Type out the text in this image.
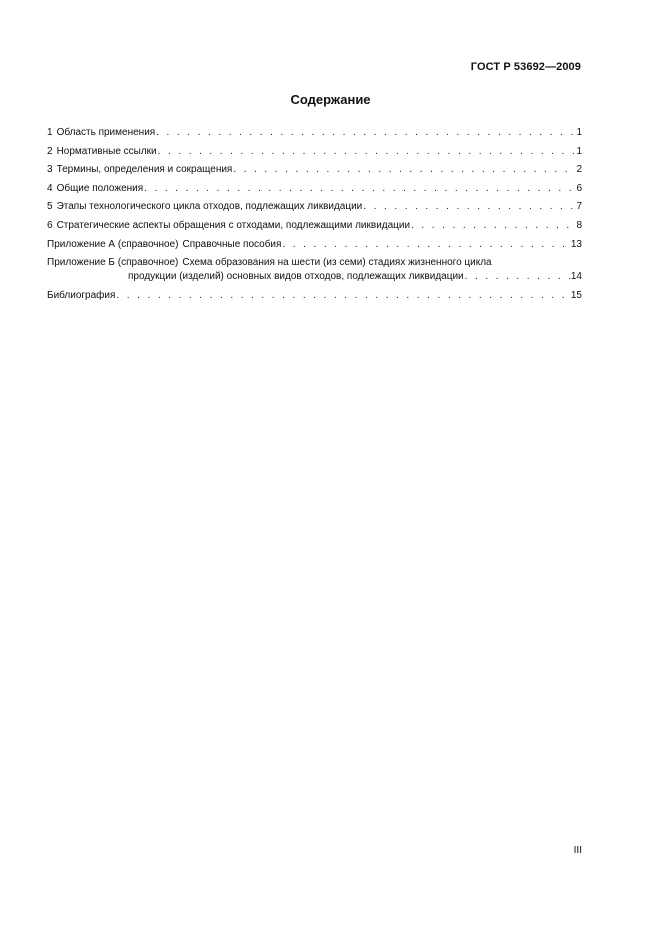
ГОСТ Р 53692—2009
Содержание
1 Область применения . . .	1
2 Нормативные ссылки . . .	1
3 Термины, определения и сокращения . . .	2
4 Общие положения . . .	6
5 Этапы технологического цикла отходов, подлежащих ликвидации . . .	7
6 Стратегические аспекты обращения с отходами, подлежащими ликвидации . . .	8
Приложение А (справочное) Справочные пособия . . .	13
Приложение Б (справочное) Схема образования на шести (из семи) стадиях жизненного цикла
продукции (изделий) основных видов отходов, подлежащих ликвидации . . .	14
Библиография . . .	15
III
